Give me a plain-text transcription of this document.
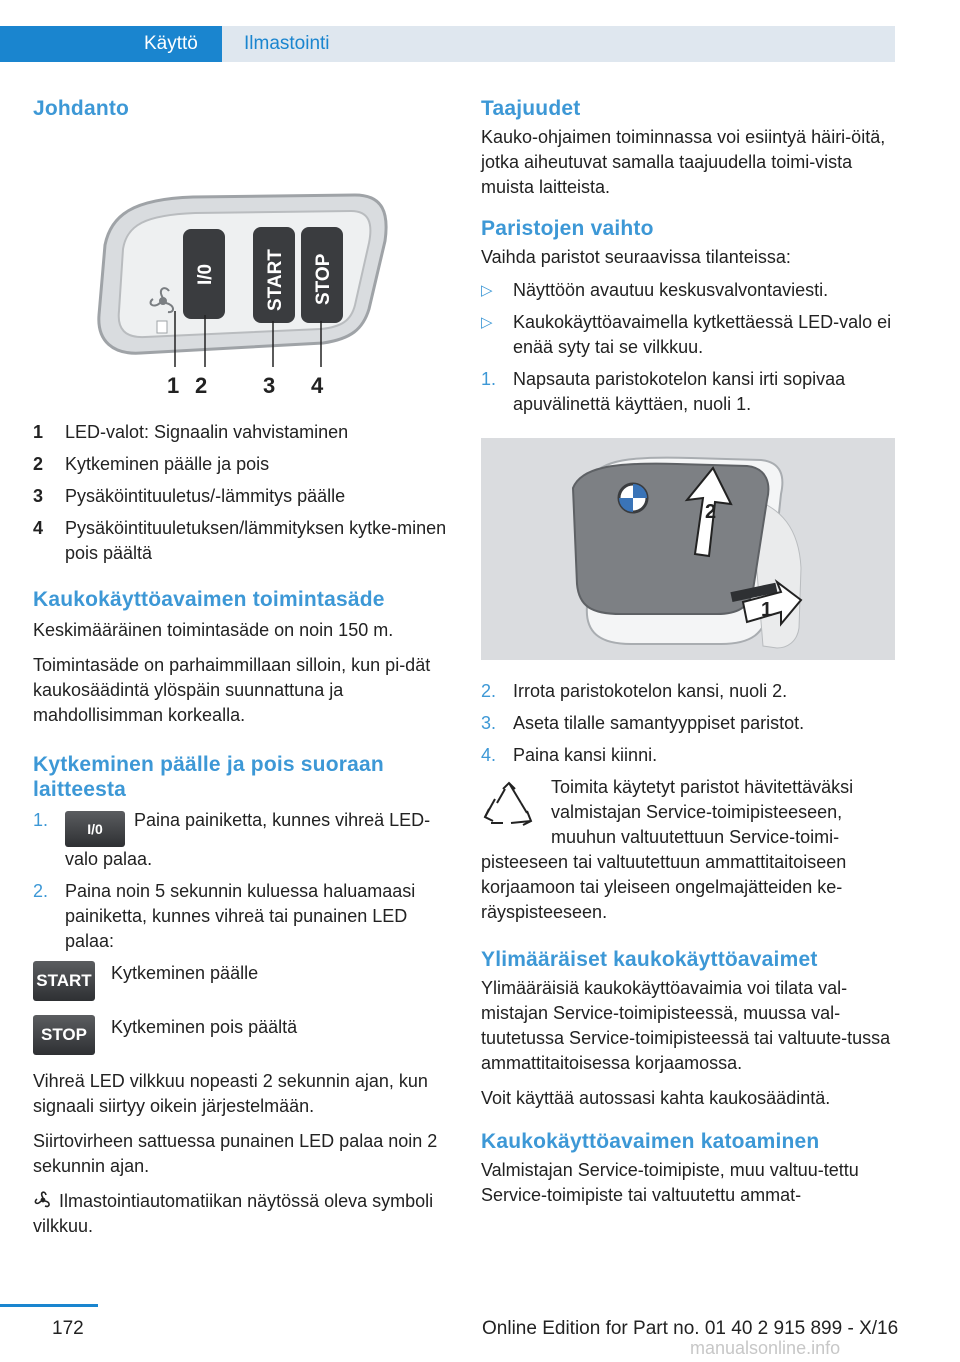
Käyttö	Ilmastointi
Johdanto
I/0	START STOP
1 2	3 4
1	LED-valot: Signaalin vahvistaminen
2	Kytkeminen päälle ja pois
3	Pysäköintituuletus/-lämmitys päälle
4	Pysäköintituuletuksen/lämmityksen kytke-minen pois päältä
Kaukokäyttöavaimen toimintasäde

Keskimääräinen toimintasäde on noin 150 m.

Toimintasäde on parhaimmillaan silloin, kun pi-dät kaukosäädintä ylöspäin suunnattuna ja mahdollisimman korkealla.

Kytkeminen päälle ja pois suoraan laitteesta
1.	I/0 Paina painiketta, kunnes vihreä LED-valo palaa.
2. Paina noin 5 sekunnin kuluessa haluamaasi painiketta, kunnes vihreä tai punainen LED palaa:
START Kytkeminen päälle

STOP	Kytkeminen pois päältä

Vihreä LED vilkkuu nopeasti 2 sekunnin ajan, kun signaali siirtyy oikein järjestelmään.

Siirtovirheen sattuessa punainen LED palaa noin 2 sekunnin ajan.

Ilmastointiautomatiikan näytössä oleva symboli vilkkuu.

Taajuudet

Kauko-ohjaimen toiminnassa voi esiintyä häiri-öitä, jotka aiheutuvat samalla taajuudella toimi-vista muista laitteista.

Paristojen vaihto

Vaihda paristot seuraavissa tilanteissa:

▷	Näyttöön avautuu keskusvalvontaviesti.
▷	Kaukokäyttöavaimella kytkettäessä LED-valo ei enää syty tai se vilkkuu.
1. Napsauta paristokotelon kansi irti sopivaa apuvälinettä käyttäen, nuoli 1.
2
1
2. Irrota paristokotelon kansi, nuoli 2.
3. Aseta tilalle samantyyppiset paristot.
4. Paina kansi kiinni.

Toimita käytetyt paristot hävitettäväksi valmistajan Service-toimipisteeseen, muuhun valtuutettuun Service-toimi-pisteeseen tai valtuutettuun ammattitaitoiseen korjaamoon tai yleiseen ongelmajätteiden ke-räyspisteeseen.

Ylimääräiset kaukokäyttöavaimet

Ylimääräisiä kaukokäyttöavaimia voi tilata val-mistajan Service-toimipisteessä, muussa val-tuutetussa Service-toimipisteessä tai valtuute-tussa ammattitaitoisessa korjaamossa.

Voit käyttää autossasi kahta kaukosäädintä.

Kaukokäyttöavaimen katoaminen

Valmistajan Service-toimipiste, muu valtuu-tettu Service-toimipiste tai valtuutettu ammat-

172	Online Edition for Part no. 01 40 2 915 899 - X/16
manualsonline.info
